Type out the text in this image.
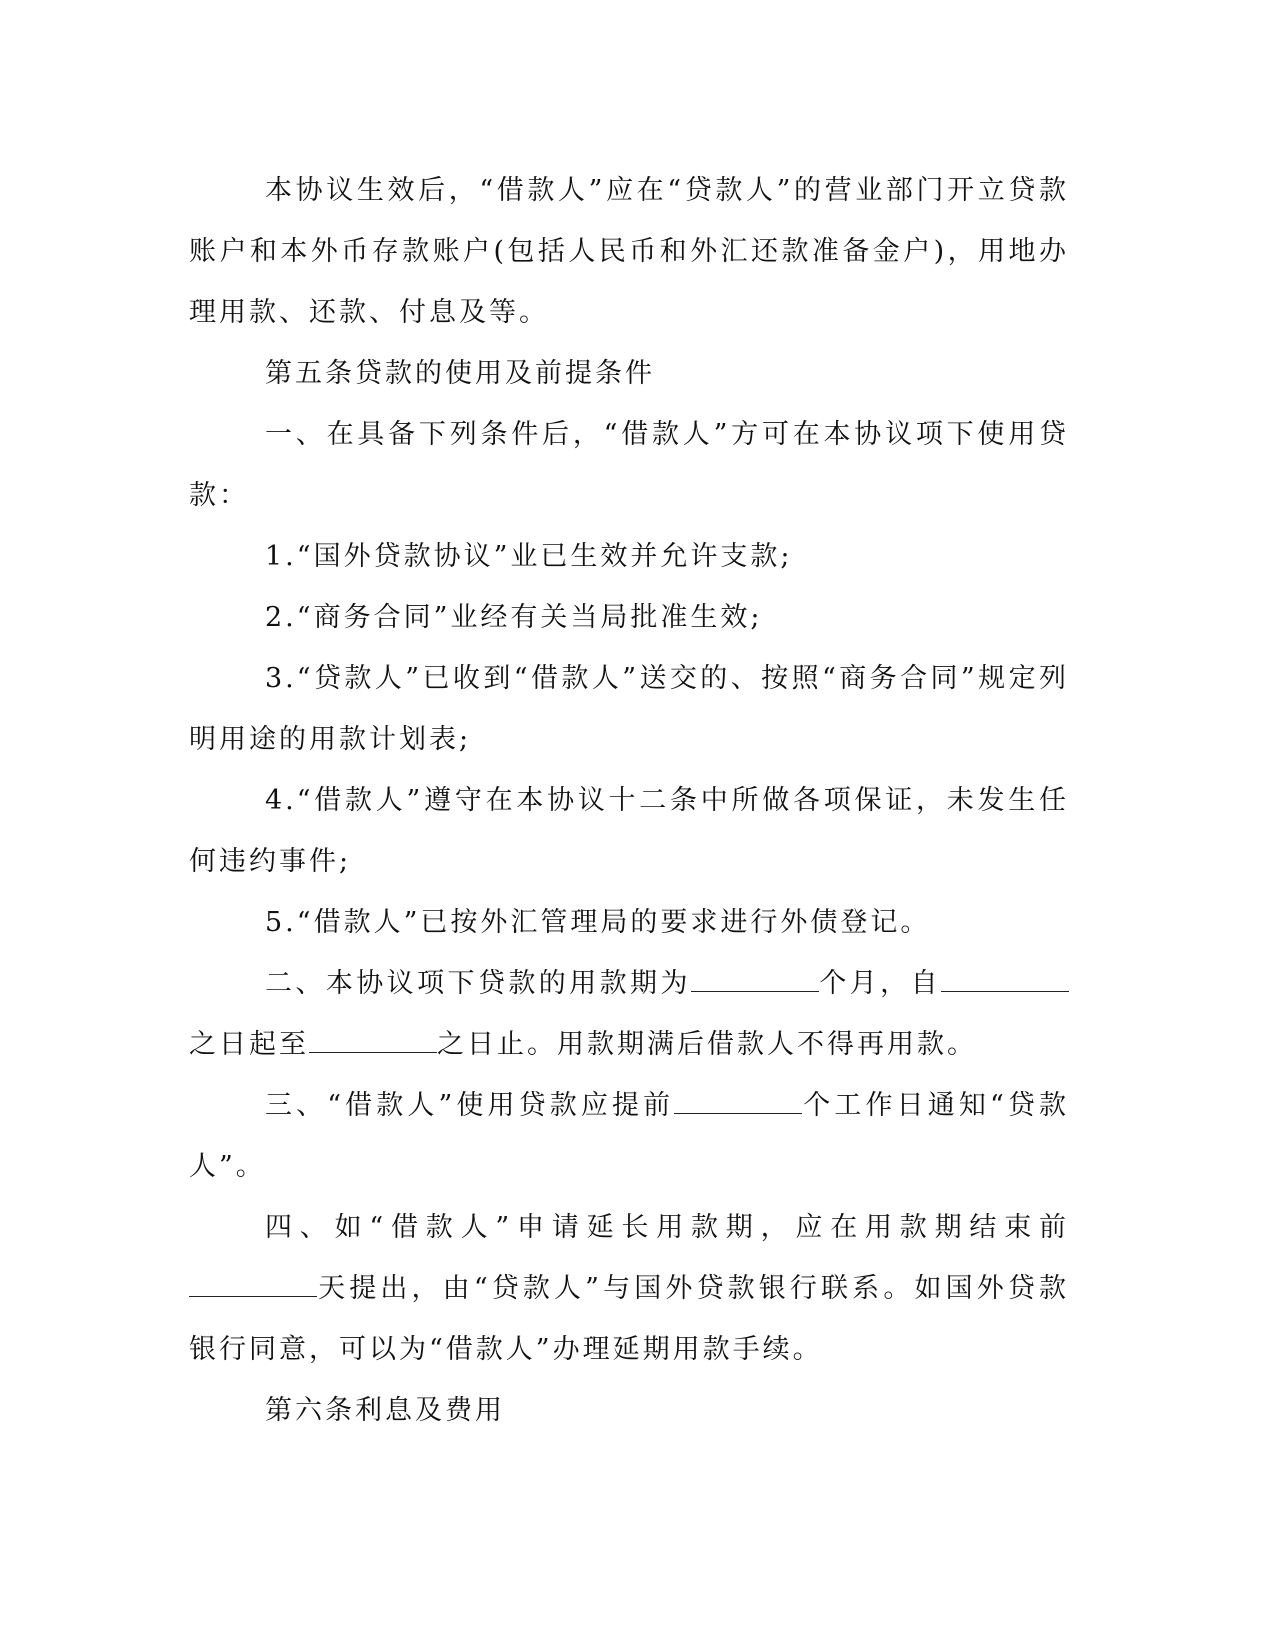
本协议生效后，“借款人”应在“贷款人”的营业部门开立贷款账户和本外币存款账户(包括人民币和外汇还款准备金户)，用地办理用款、还款、付息及等。

第五条贷款的使用及前提条件

一、在具备下列条件后，“借款人”方可在本协议项下使用贷款：

1.“国外贷款协议”业已生效并允许支款;

2.“商务合同”业经有关当局批准生效;

3.“贷款人”已收到“借款人”送交的、按照“商务合同”规定列明用途的用款计划表;

4.“借款人”遵守在本协议十二条中所做各项保证，未发生任何违约事件;

5.“借款人”已按外汇管理局的要求进行外债登记。

二、本协议项下贷款的用款期为	个月，自之日起至	之日止。用款期满后借款人不得再用款。

三、“借款人”使用贷款应提前	个工作日通知“贷款人”。

四、如“借款人”申请延长用款期，应在用款期结束前天提出，由“贷款人”与国外贷款银行联系。如国外贷款银行同意，可以为“借款人”办理延期用款手续。

第六条利息及费用
